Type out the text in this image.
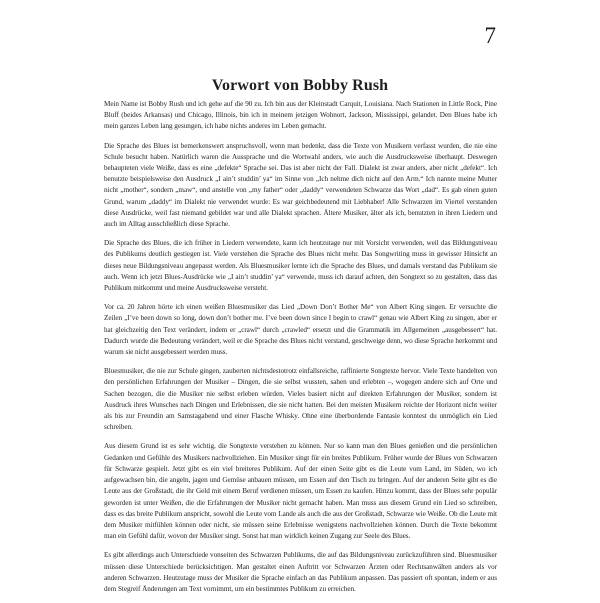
7
Vorwort von Bobby Rush

Mein Name ist Bobby Rush und ich gehe auf die 90 zu. Ich bin aus der Kleinstadt Carquit, Louisiana. Nach Stationen in Little Rock, Pine Bluff (beides Arkansas) und Chicago, Illinois, bin ich in meinem jetzigen Wohnort, Jackson, Mississippi, gelandet. Den Blues habe ich mein ganzes Leben lang gesungen, ich habe nichts anderes im Leben gemacht.

Die Sprache des Blues ist bemerkenswert anspruchsvoll, wenn man bedenkt, dass die Texte von Musikern verfasst wurden, die nie eine Schule besucht haben. Natürlich waren die Aussprache und die Wortwahl anders, wie auch die Ausdrucksweise überhaupt. Deswegen behaupteten viele Weiße, dass es eine „defekte“ Sprache sei. Das ist aber nicht der Fall. Dialekt ist zwar anders, aber nicht „defekt“. Ich benutzte beispielsweise den Ausdruck „I ain’t studdin’ ya“ im Sinne von „Ich nehme dich nicht auf den Arm.“ Ich nannte meine Mutter nicht „mother“, sondern „maw“, und anstelle von „my father“ oder „daddy“ verwendeten Schwarze das Wort „dad“. Es gab einen guten Grund, warum „daddy“ im Dialekt nie verwendet wurde: Es war geichbedeutend mit Liebhaber! Alle Schwarzen im Viertel verstanden diese Ausdrücke, weil fast niemand gebildet war und alle Dialekt sprachen. Ältere Musiker, älter als ich, benutzten in ihren Liedern und auch im Alltag ausschließlich diese Sprache.

Die Sprache des Blues, die ich früher in Liedern verwendete, kann ich heutzutage nur mit Vorsicht verwenden, weil das Bildungsniveau des Publikums deutlich gestiegen ist. Viele verstehen die Sprache des Blues nicht mehr. Das Songwriting muss in gewisser Hinsicht an dieses neue Bildungsniveau angepasst werden. Als Bluesmusiker lernte ich die Sprache des Blues, und damals verstand das Publikum sie auch. Wenn ich jetzt Blues-Ausdrücke wie „I ain’t studdin’ ya“ verwende, muss ich darauf achten, den Songtext so zu gestalten, dass das Publikum mitkommt und meine Ausdrucksweise versteht.

Vor ca. 20 Jahren hörte ich einen weißen Bluesmusiker das Lied „Down Don’t Bother Me“ von Albert King singen. Er versuchte die Zeilen „I’ve been down so long, down don’t bother me. I’ve been down since I begin to crawl“ genau wie Albert King zu singen, aber er hat gleichzeitig den Text verändert, indem er „crawl“ durch „crawled“ ersetzt und die Grammatik im Allgemeinen „ausgebessert“ hat. Dadurch wurde die Bedeutung verändert, weil er die Sprache des Blues nicht verstand, geschweige denn, wo diese Sprache herkommt und warum sie nicht ausgebessert werden muss.

Bluesmusiker, die nie zur Schule gingen, zauberten nichtsdestotrotz einfallsreiche, raffinierte Songtexte hervor. Viele Texte handelten von den persönlichen Erfahrungen der Musiker – Dingen, die sie selbst wussten, sahen und erlebten –, wogegen andere sich auf Orte und Sachen bezogen, die die Musiker nie selbst erleben würden. Vieles basiert nicht auf direkten Erfahrungen der Musiker, sondern ist Ausdruck ihres Wunsches nach Dingen und Erlebnissen, die sie nicht hatten. Bei den meisten Musikern reichte der Horizont nicht weiter als bis zur Freundin am Samstagabend und einer Flasche Whisky. Ohne eine überbordende Fantasie konntest du unmöglich ein Lied schreiben.

Aus diesem Grund ist es sehr wichtig, die Songtexte verstehen zu können. Nur so kann man den Blues genießen und die persönlichen Gedanken und Gefühle des Musikers nachvollziehen. Ein Musiker singt für ein breites Publikum. Früher wurde der Blues von Schwarzen für Schwarze gespielt. Jetzt gibt es ein viel breiteres Publikum. Auf der einen Seite gibt es die Leute vom Land, im Süden, wo ich aufgewachsen bin, die angeln, jagen und Gemüse anbauen müssen, um Essen auf den Tisch zu bringen. Auf der anderen Seite gibt es die Leute aus der Großstadt, die ihr Geld mit einem Beruf verdienen müssen, um Essen zu kaufen. Hinzu kommt, dass der Blues sehr populär geworden ist unter Weißen, die die Erfahrungen der Musiker nicht gemacht haben. Man muss aus diesem Grund ein Lied so schreiben, dass es das breite Publikum anspricht, sowohl die Leute vom Lande als auch die aus der Großstadt, Schwarze wie Weiße. Ob die Leute mit dem Musiker mitfühlen können oder nicht, sie müssen seine Erlebnisse wenigstens nachvollziehen können. Durch die Texte bekommt man ein Gefühl dafür, wovon der Musiker singt. Sonst hat man wirklich keinen Zugang zur Seele des Blues.

Es gibt allerdings auch Unterschiede vonseiten des Schwarzen Publikums, die auf das Bildungsniveau zurückzuführen sind. Bluesmusiker müssen diese Unterschiede berücksichtigen. Man gestaltet einen Auftritt vor Schwarzen Ärzten oder Rechtsanwälten anders als vor anderen Schwarzen. Heutzutage muss der Musiker die Sprache einfach an das Publikum anpassen. Das passiert oft spontan, indem er aus dem Stegreif Änderungen am Text vornimmt, um ein bestimmtes Publikum zu erreichen.
